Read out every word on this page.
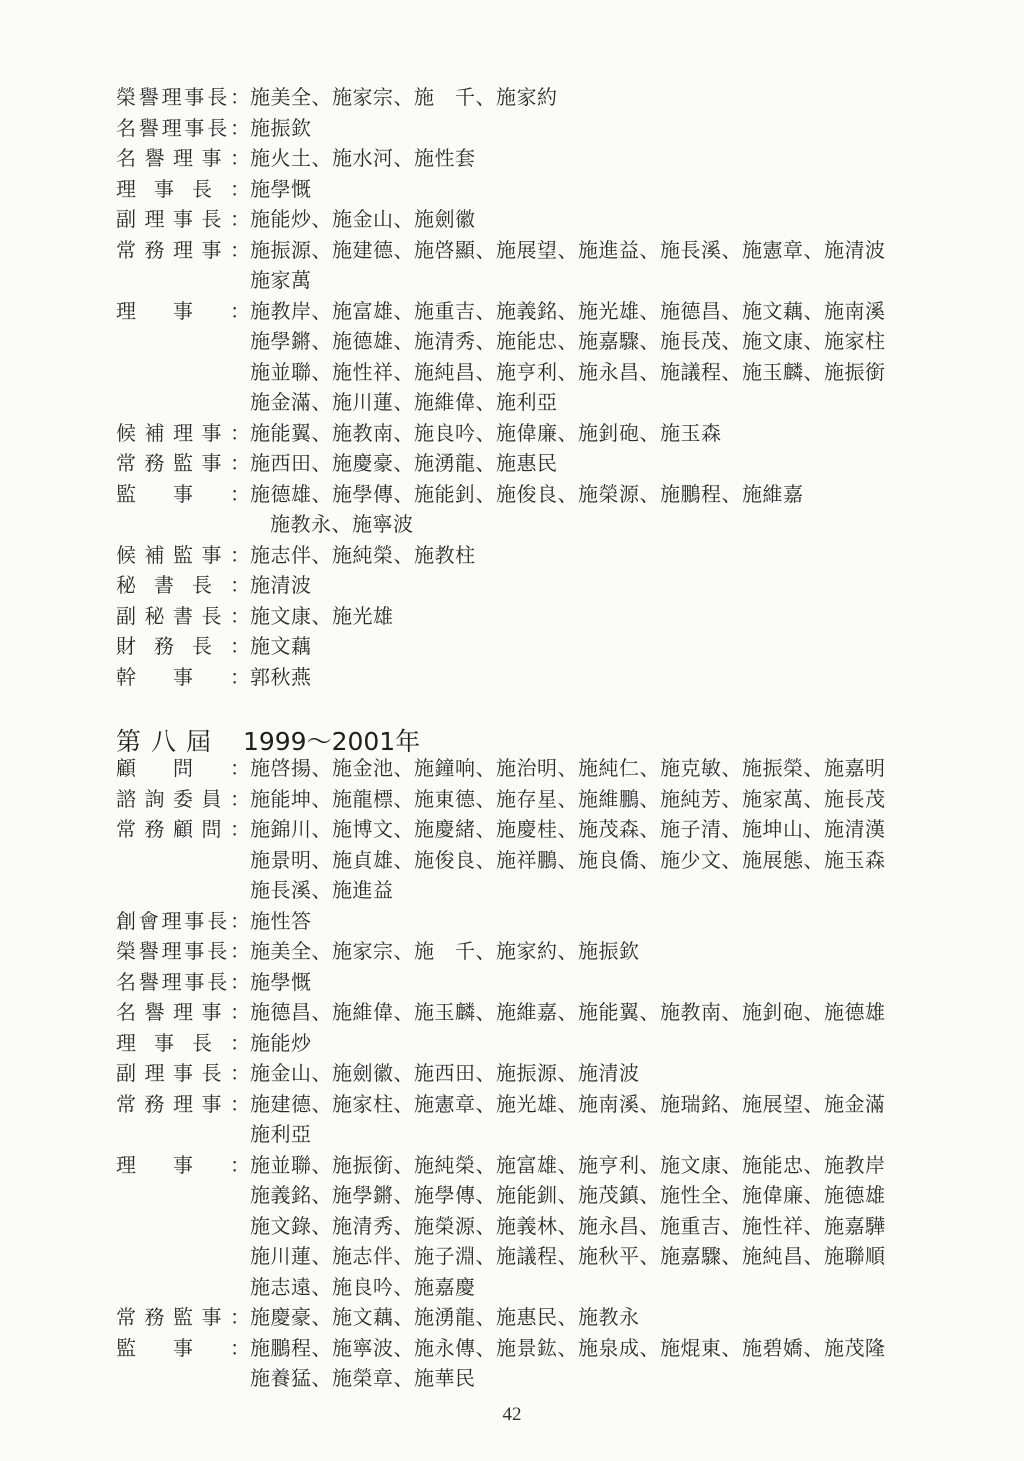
榮譽理事長： 施美全、施家宗、施　千、施家約
名譽理事長： 施振欽
名譽理事： 施火土、施水河、施性套
理事長： 施學慨
副理事長： 施能炒、施金山、施劍徽
常務理事： 施振源、施建德、施啓顯、施展望、施進益、施長溪、施憲章、施清波
施家萬
理事： 施教岸、施富雄、施重吉、施義銘、施光雄、施德昌、施文藕、施南溪
施學鏘、施德雄、施清秀、施能忠、施嘉驟、施長茂、施文康、施家柱
施並聯、施性祥、施純昌、施亨利、施永昌、施議程、施玉麟、施振銜
施金滿、施川蓮、施維偉、施利亞
候補理事： 施能翼、施教南、施良吟、施偉廉、施釗砲、施玉森
常務監事： 施西田、施慶豪、施湧龍、施惠民
監事： 施德雄、施學傳、施能釗、施俊良、施榮源、施鵬程、施維嘉
施教永、施寧波
候補監事： 施志伴、施純榮、施教柱
秘書長： 施清波
副秘書長： 施文康、施光雄
財務長： 施文藕
幹事： 郭秋燕
第八屆 1999～2001年
顧問： 施啓揚、施金池、施鐘响、施治明、施純仁、施克敏、施振榮、施嘉明
諮詢委員： 施能坤、施龍標、施東德、施存星、施維鵬、施純芳、施家萬、施長茂
常務顧問： 施錦川、施博文、施慶緒、施慶桂、施茂森、施子清、施坤山、施清漢
施景明、施貞雄、施俊良、施祥鵬、施良僑、施少文、施展態、施玉森
施長溪、施進益
創會理事長： 施性答
榮譽理事長： 施美全、施家宗、施　千、施家約、施振欽
名譽理事長： 施學慨
名譽理事： 施德昌、施維偉、施玉麟、施維嘉、施能翼、施教南、施釗砲、施德雄
理事長： 施能炒
副理事長： 施金山、施劍徽、施西田、施振源、施清波
常務理事： 施建德、施家柱、施憲章、施光雄、施南溪、施瑞銘、施展望、施金滿
施利亞
理事： 施並聯、施振銜、施純榮、施富雄、施亨利、施文康、施能忠、施教岸
施義銘、施學鏘、施學傳、施能釧、施茂鎮、施性全、施偉廉、施德雄
施文錄、施清秀、施榮源、施義林、施永昌、施重吉、施性祥、施嘉驊
施川蓮、施志伴、施子淵、施議程、施秋平、施嘉驟、施純昌、施聯順
施志遠、施良吟、施嘉慶
常務監事： 施慶豪、施文藕、施湧龍、施惠民、施教永
監事： 施鵬程、施寧波、施永傳、施景鈜、施泉成、施焜東、施碧嬌、施茂隆
施養猛、施榮章、施華民
42
